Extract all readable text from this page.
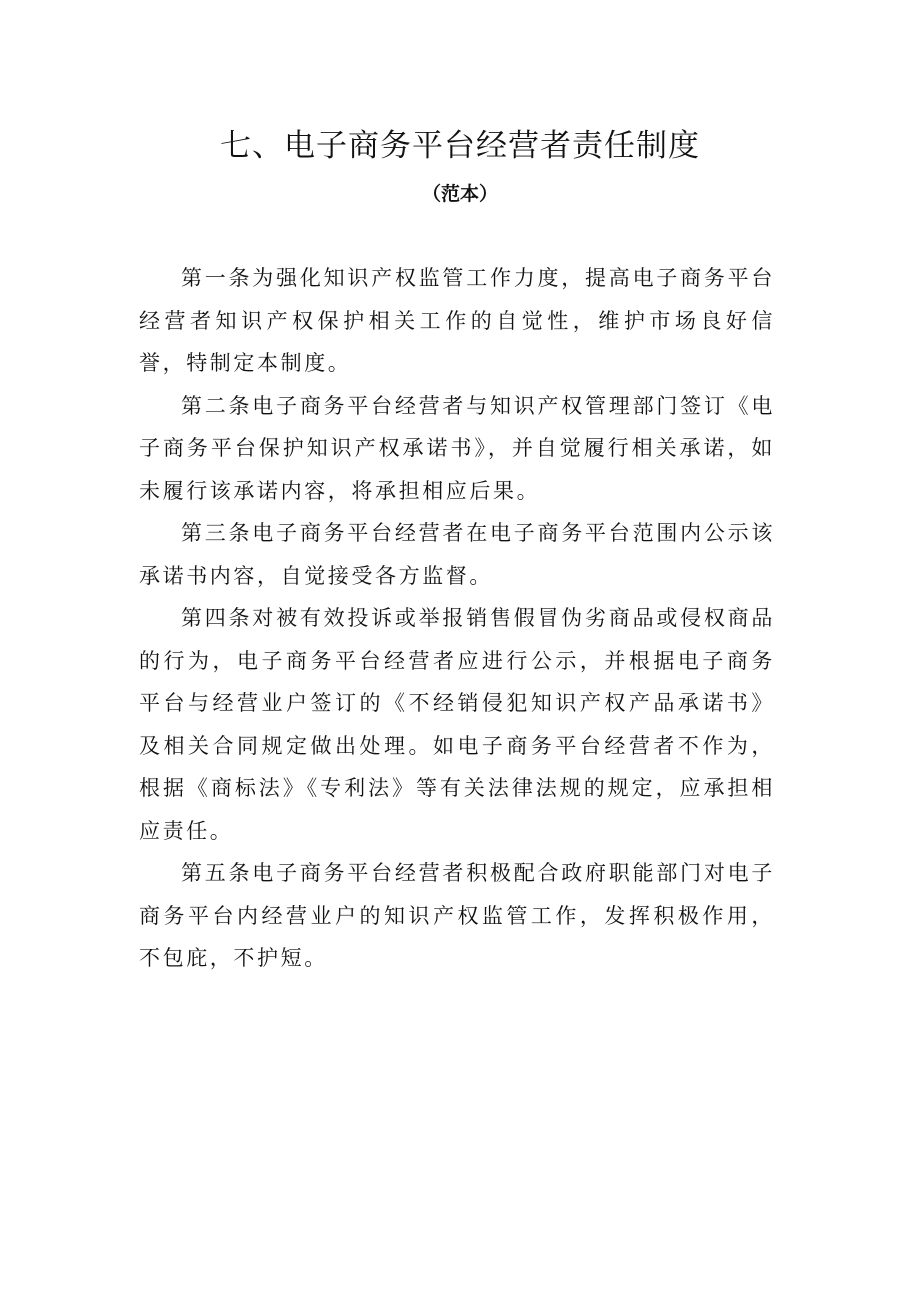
七、电子商务平台经营者责任制度
（范本）

第一条为强化知识产权监管工作力度，提高电子商务平台经营者知识产权保护相关工作的自觉性，维护市场良好信誉，特制定本制度。

第二条电子商务平台经营者与知识产权管理部门签订《电子商务平台保护知识产权承诺书》，并自觉履行相关承诺，如未履行该承诺内容，将承担相应后果。

第三条电子商务平台经营者在电子商务平台范围内公示该承诺书内容，自觉接受各方监督。

第四条对被有效投诉或举报销售假冒伪劣商品或侵权商品的行为，电子商务平台经营者应进行公示，并根据电子商务平台与经营业户签订的《不经销侵犯知识产权产品承诺书》及相关合同规定做出处理。如电子商务平台经营者不作为，根据《商标法》《专利法》等有关法律法规的规定，应承担相应责任。

第五条电子商务平台经营者积极配合政府职能部门对电子商务平台内经营业户的知识产权监管工作，发挥积极作用，不包庇，不护短。
